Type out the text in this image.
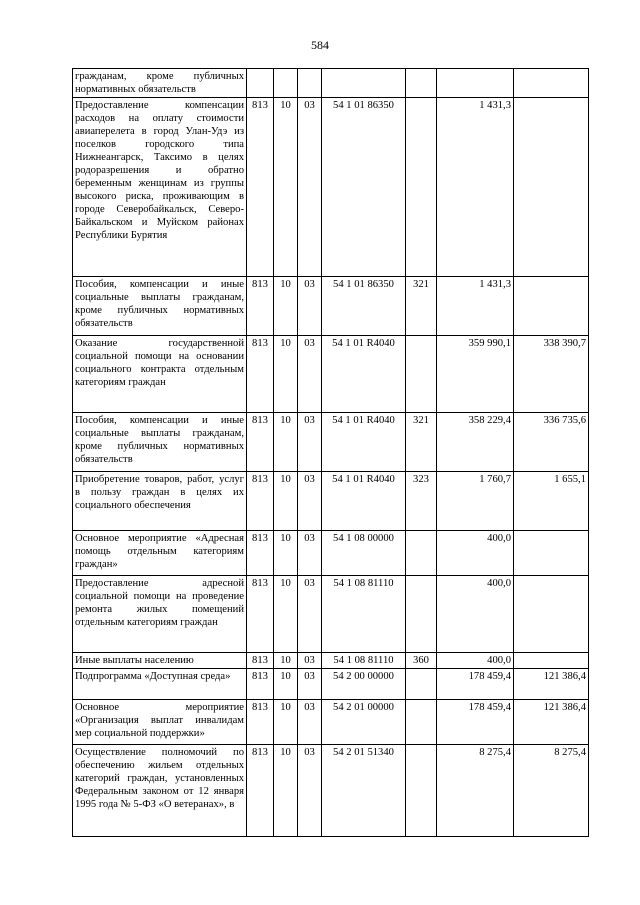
584
гражданам, кроме публичных нормативных обязательств							
Предоставление компенсации расходов на оплату стоимости авиаперелета в город Улан-Удэ из поселков городского типа Нижнеангарск, Таксимо в целях родоразрешения и обратно беременным женщинам из группы высокого риска, проживающим в городе Северобайкальск, Северо-Байкальском и Муйском районах Республики Бурятия	813	10	03	54 1 01 86350		1 431,3	
Пособия, компенсации и иные социальные выплаты гражданам, кроме публичных нормативных обязательств	813	10	03	54 1 01 86350	321	1 431,3	
Оказание государственной социальной помощи на основании социального контракта отдельным категориям граждан	813	10	03	54 1 01 R4040		359 990,1	338 390,7
Пособия, компенсации и иные социальные выплаты гражданам, кроме публичных нормативных обязательств	813	10	03	54 1 01 R4040	321	358 229,4	336 735,6
Приобретение товаров, работ, услуг в пользу граждан в целях их социального обеспечения	813	10	03	54 1 01 R4040	323	1 760,7	1 655,1
Основное мероприятие «Адресная помощь отдельным категориям граждан»	813	10	03	54 1 08 00000		400,0	
Предоставление адресной социальной помощи на проведение ремонта жилых помещений отдельным категориям граждан	813	10	03	54 1 08 81110		400,0	
Иные выплаты населению	813	10	03	54 1 08 81110	360	400,0	
Подпрограмма «Доступная среда»	813	10	03	54 2 00 00000		178 459,4	121 386,4
Основное мероприятие «Организация выплат инвалидам мер социальной поддержки»	813	10	03	54 2 01 00000		178 459,4	121 386,4
Осуществление полномочий по обеспечению жильем отдельных категорий граждан, установленных Федеральным законом от 12 января 1995 года № 5-ФЗ «О ветеранах», в	813	10	03	54 2 01 51340		8 275,4	8 275,4
